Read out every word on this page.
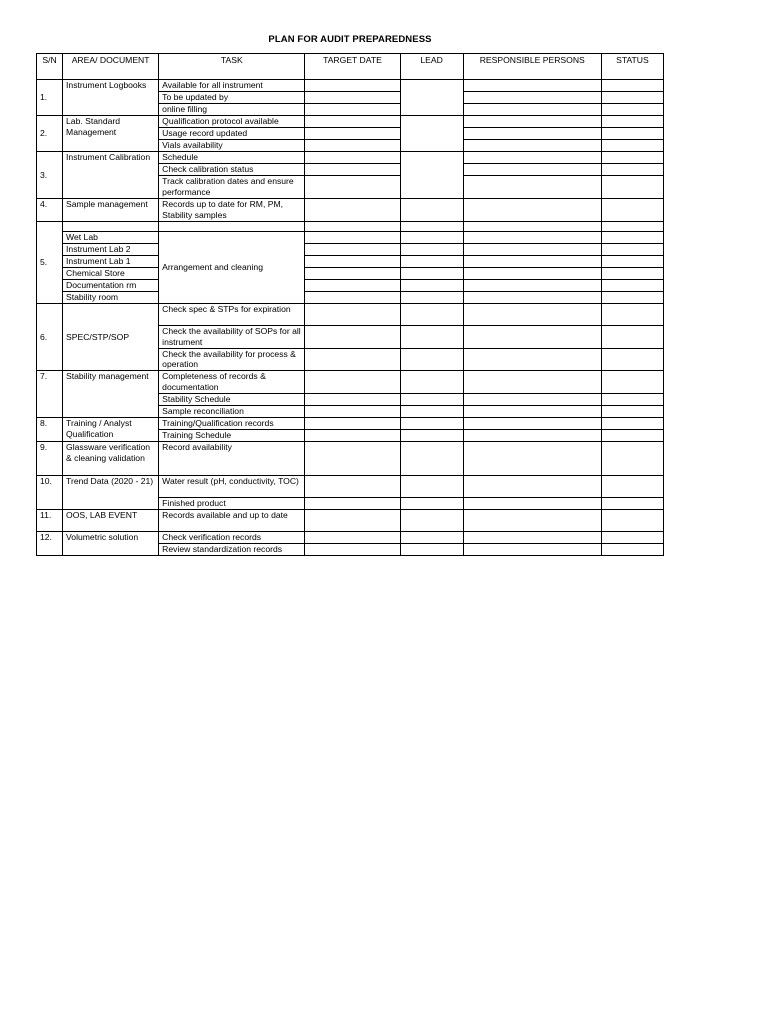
PLAN FOR AUDIT PREPAREDNESS
S/N	AREA/ DOCUMENT	TASK	TARGET DATE	LEAD	RESPONSIBLE PERSONS	STATUS
1.	Instrument Logbooks	Available for all instrument				
		To be updated by				
		online filling				
2.	Lab. Standard Management	Qualification protocol available				
		Usage record updated				
		Vials availability				
3.	Instrument Calibration	Schedule				
		Check calibration status				
		Track calibration dates and ensure performance				
4.	Sample management	Records up to date for RM, PM, Stability samples				
5.						
	Wet Lab	Arrangement and cleaning				
	Instrument Lab 2					
	Instrument Lab 1					
	Chemical Store					
	Documentation rm					
	Stability room					
6.	SPEC/STP/SOP	Check spec & STPs for expiration				
		Check the availability of SOPs for all instrument				
		Check the availability for process & operation				
7.	Stability management	Completeness of records & documentation				
		Stability Schedule				
		Sample reconciliation				
8.	Training / Analyst Qualification	Training/Qualification records				
		Training Schedule				
9.	Glassware verification & cleaning validation	Record availability				
10.	Trend Data (2020 - 21)	Water result (pH, conductivity, TOC)				
		Finished product				
11.	OOS, LAB EVENT	Records available and up to date				
12.	Volumetric solution	Check verification records				
		Review standardization records				
